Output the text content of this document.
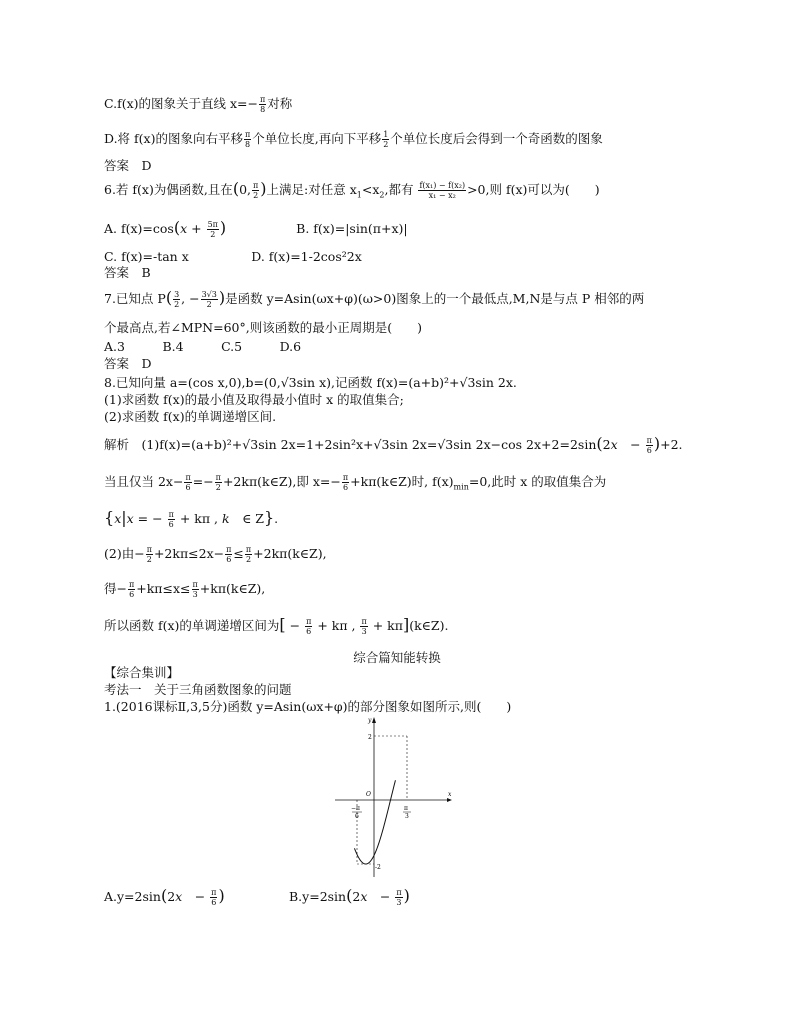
C.f(x)的图象关于直线 $x=- \frac{\pi}{8}$ 对称
D.将 f(x)的图象向右平移 $\frac{\pi}{8}$ 个单位长度,再向下平移 $\frac{1}{2}$ 个单位长度后会得到一个奇函数的图象
答案　D
6.若 f(x)为偶函数,且在(0, $\frac{\pi}{2}$ )上满足:对任意 $x_1<x_2$,都有 $\frac{\text{f(x₁) − f(x₂)}}{\text{x₁ − x₂}} >0$,则 f(x)可以为(　　)
A. $f(x)=\cos(x + \frac{5\pi}{2}$ )	B. f(x)=|sin(π+x)|
C. f(x)=-tan x　　　　　D. f(x)=1-2cos²2x
答案　B
7.已知点 $P( \frac{3}{2}$ , − $\frac{3√3}{2}$ )是函数 y=Asin(ωx+φ)(ω>0)图象上的一个最低点,M,N是与点 P 相邻的两
个最高点,若∠MPN=60°,则该函数的最小正周期是(　　)
A.3　　　B.4　　　C.5　　　D.6
答案　D
8.已知向量 a=(cos x,0),b=(0,√3sin x),记函数 f(x)=(a+b)²+√3sin 2x.
(1)求函数 f(x)的最小值及取得最小值时 x 的取值集合;
(2)求函数 f(x)的单调递增区间.
解析　(1)f(x)=(a+b)²+√3sin 2x=1+2sin²x+√3sin 2x=√3sin 2x−cos 2x+2=2sin(2x　− $\frac{\pi}{6} )+2$.
当且仅当 $2x- \frac{\pi}{6} =- \frac{\pi}{2}$ +2kπ(k∈Z),即 $x=- \frac{\pi}{6}$ +kπ(k∈Z)时, $f(x)_{min}=0$,此时 x 的取值集合为
{x|x = − $\frac{\pi}{6} + k\pi$ , k　∈ Z}.
(2)由− $\frac{\pi}{2} +2k\pi\le 2x- \frac{\pi}{6} \le \frac{\pi}{2}$ +2kπ(k∈Z),
得− $\frac{\pi}{6} +k\pi\le x\le \frac{\pi}{3}$ +kπ(k∈Z),
所以函数 f(x)的单调递增区间为[ − $\frac{\pi}{6} + k\pi$ , $\frac{\pi}{3}$ + kπ](k∈Z).
综合篇知能转换
【综合集训】
考法一　关于三角函数图象的问题
1.(2016课标Ⅱ,3,5分)函数 y=Asin(ωx+φ)的部分图象如图所示,则(　　)
y
x
O
2
-2
−π
6
π
3
A.y=2sin(2x　− $\frac{\pi}{6}$ )	B.y=2sin(2x　− $\frac{\pi}{3}$ )
